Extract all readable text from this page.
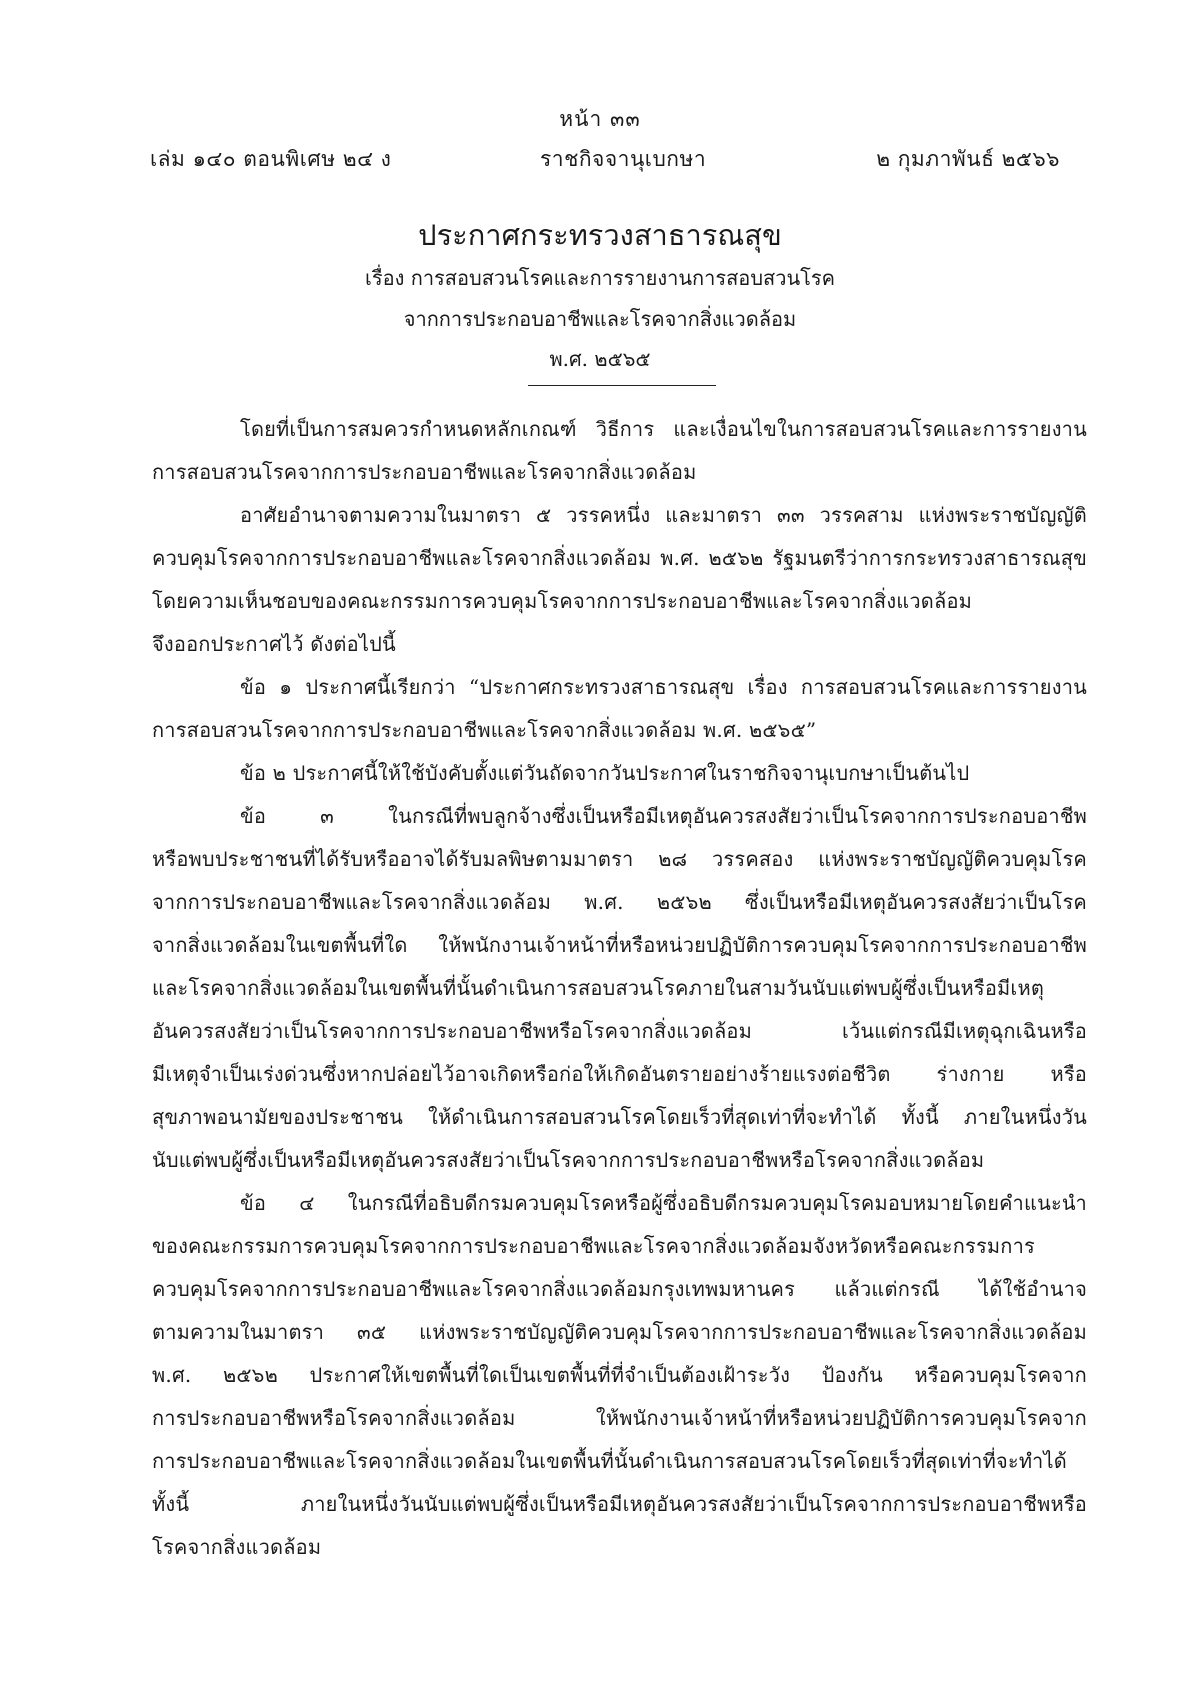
หน้า ๓๓
เล่ม ๑๔๐ ตอนพิเศษ ๒๔ ง	ราชกิจจานุเบกษา	๒ กุมภาพันธ์ ๒๕๖๖
ประกาศกระทรวงสาธารณสุข
เรื่อง การสอบสวนโรคและการรายงานการสอบสวนโรค
จากการประกอบอาชีพและโรคจากสิ่งแวดล้อม
พ.ศ. ๒๕๖๕
โดยที่เป็นการสมควรกำหนดหลักเกณฑ์ วิธีการ และเงื่อนไขในการสอบสวนโรคและการรายงาน
การสอบสวนโรคจากการประกอบอาชีพและโรคจากสิ่งแวดล้อม
อาศัยอำนาจตามความในมาตรา ๕ วรรคหนึ่ง และมาตรา ๓๓ วรรคสาม แห่งพระราชบัญญัติ
ควบคุมโรคจากการประกอบอาชีพและโรคจากสิ่งแวดล้อม พ.ศ. ๒๕๖๒ รัฐมนตรีว่าการกระทรวงสาธารณสุข
โดยความเห็นชอบของคณะกรรมการควบคุมโรคจากการประกอบอาชีพและโรคจากสิ่งแวดล้อม
จึงออกประกาศไว้ ดังต่อไปนี้
ข้อ ๑ ประกาศนี้เรียกว่า “ประกาศกระทรวงสาธารณสุข เรื่อง การสอบสวนโรคและการรายงาน
การสอบสวนโรคจากการประกอบอาชีพและโรคจากสิ่งแวดล้อม พ.ศ. ๒๕๖๕”
ข้อ ๒ ประกาศนี้ให้ใช้บังคับตั้งแต่วันถัดจากวันประกาศในราชกิจจานุเบกษาเป็นต้นไป
ข้อ ๓ ในกรณีที่พบลูกจ้างซึ่งเป็นหรือมีเหตุอันควรสงสัยว่าเป็นโรคจากการประกอบอาชีพ
หรือพบประชาชนที่ได้รับหรืออาจได้รับมลพิษตามมาตรา ๒๘ วรรคสอง แห่งพระราชบัญญัติควบคุมโรค
จากการประกอบอาชีพและโรคจากสิ่งแวดล้อม พ.ศ. ๒๕๖๒ ซึ่งเป็นหรือมีเหตุอันควรสงสัยว่าเป็นโรค
จากสิ่งแวดล้อมในเขตพื้นที่ใด ให้พนักงานเจ้าหน้าที่หรือหน่วยปฏิบัติการควบคุมโรคจากการประกอบอาชีพ
และโรคจากสิ่งแวดล้อมในเขตพื้นที่นั้นดำเนินการสอบสวนโรคภายในสามวันนับแต่พบผู้ซึ่งเป็นหรือมีเหตุ
อันควรสงสัยว่าเป็นโรคจากการประกอบอาชีพหรือโรคจากสิ่งแวดล้อม เว้นแต่กรณีมีเหตุฉุกเฉินหรือ
มีเหตุจำเป็นเร่งด่วนซึ่งหากปล่อยไว้อาจเกิดหรือก่อให้เกิดอันตรายอย่างร้ายแรงต่อชีวิต ร่างกาย หรือ
สุขภาพอนามัยของประชาชน ให้ดำเนินการสอบสวนโรคโดยเร็วที่สุดเท่าที่จะทำได้ ทั้งนี้ ภายในหนึ่งวัน
นับแต่พบผู้ซึ่งเป็นหรือมีเหตุอันควรสงสัยว่าเป็นโรคจากการประกอบอาชีพหรือโรคจากสิ่งแวดล้อม
ข้อ ๔ ในกรณีที่อธิบดีกรมควบคุมโรคหรือผู้ซึ่งอธิบดีกรมควบคุมโรคมอบหมายโดยคำแนะนำ
ของคณะกรรมการควบคุมโรคจากการประกอบอาชีพและโรคจากสิ่งแวดล้อมจังหวัดหรือคณะกรรมการ
ควบคุมโรคจากการประกอบอาชีพและโรคจากสิ่งแวดล้อมกรุงเทพมหานคร แล้วแต่กรณี ได้ใช้อำนาจ
ตามความในมาตรา ๓๕ แห่งพระราชบัญญัติควบคุมโรคจากการประกอบอาชีพและโรคจากสิ่งแวดล้อม
พ.ศ. ๒๕๖๒ ประกาศให้เขตพื้นที่ใดเป็นเขตพื้นที่ที่จำเป็นต้องเฝ้าระวัง ป้องกัน หรือควบคุมโรคจาก
การประกอบอาชีพหรือโรคจากสิ่งแวดล้อม ให้พนักงานเจ้าหน้าที่หรือหน่วยปฏิบัติการควบคุมโรคจาก
การประกอบอาชีพและโรคจากสิ่งแวดล้อมในเขตพื้นที่นั้นดำเนินการสอบสวนโรคโดยเร็วที่สุดเท่าที่จะทำได้
ทั้งนี้ ภายในหนึ่งวันนับแต่พบผู้ซึ่งเป็นหรือมีเหตุอันควรสงสัยว่าเป็นโรคจากการประกอบอาชีพหรือ
โรคจากสิ่งแวดล้อม
